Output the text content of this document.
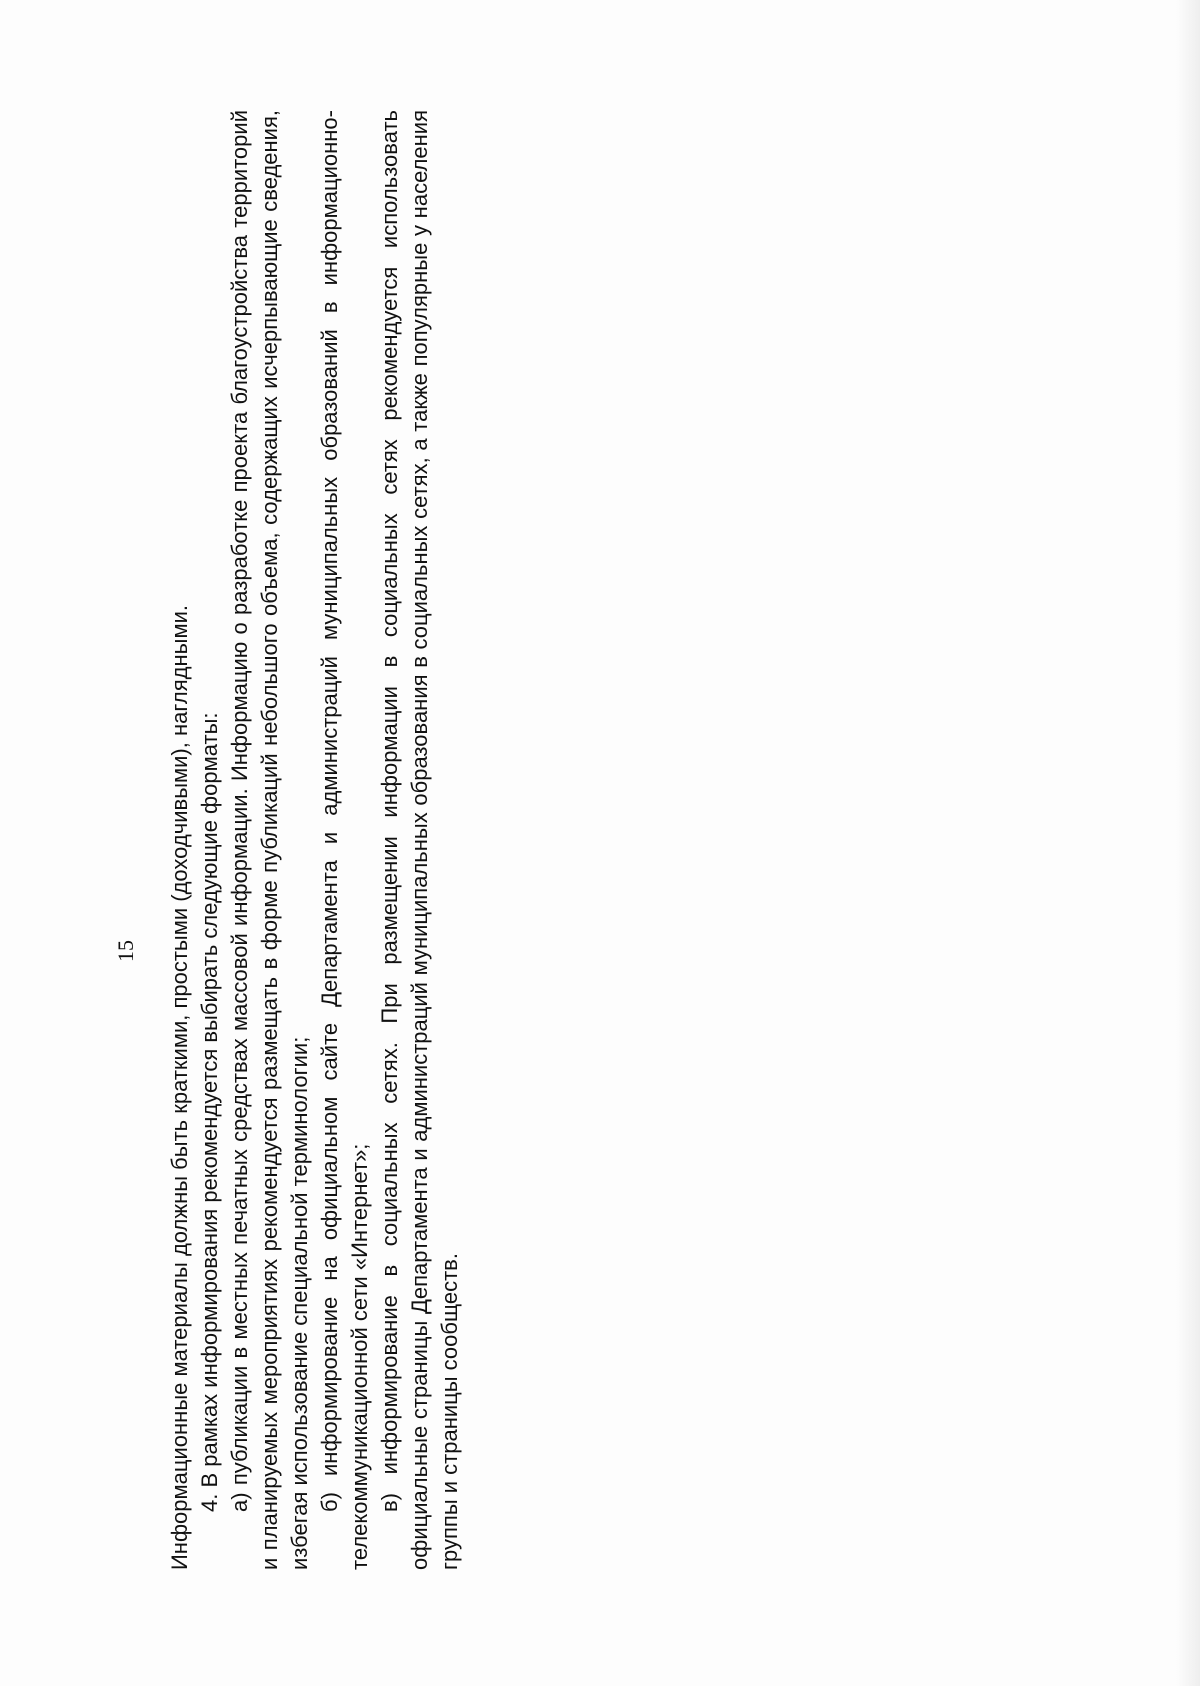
15 Информационные материалы должны быть краткими, простыми (доходчивыми), наглядными. 4. В рамках информирования рекомендуется выбирать следующие форматы: а) публикации в местных печатных средствах массовой информации. Информацию о разработке проекта благоустройства территорий и планируемых мероприятиях рекомендуется размещать в форме публикаций небольшого объема, содержащих исчерпывающие сведения, избегая использование специальной терминологии; б) информирование на официальном сайте Департамента и администраций муниципальных образований в информационно-телекоммуникационной сети «Интернет»; в) информирование в социальных сетях. При размещении информации в социальных сетях рекомендуется использовать официальные страницы Департамента и администраций муниципальных образования в социальных сетях, а также популярные у населения группы и страницы сообществ.
